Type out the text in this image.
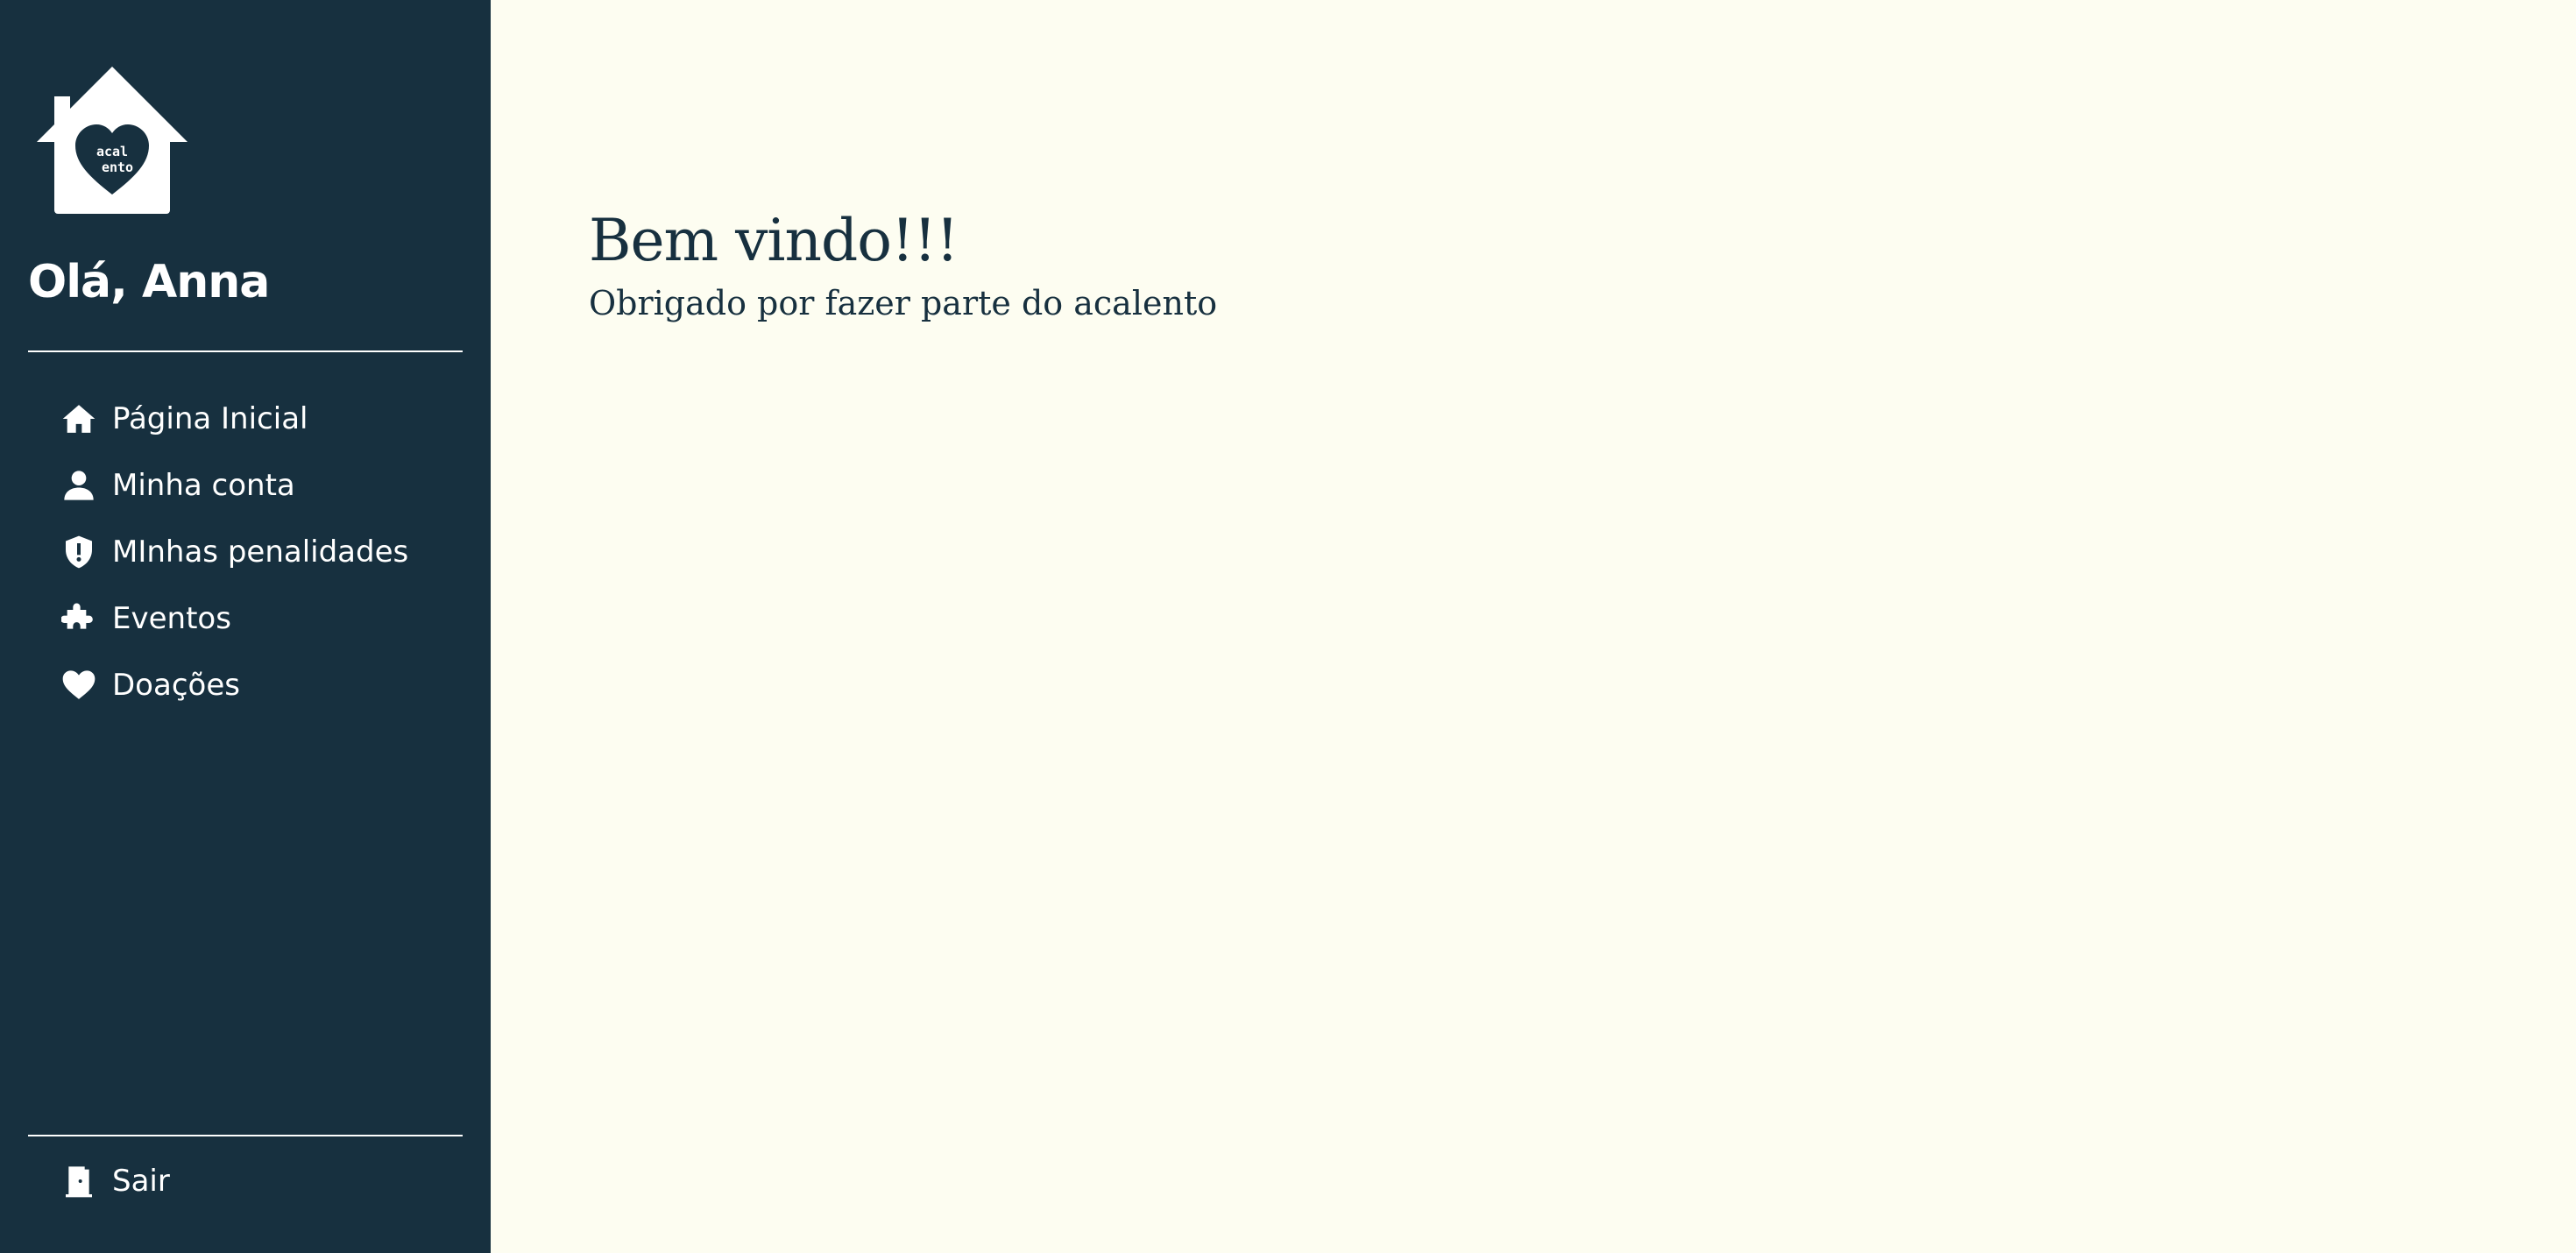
acal
ento
Olá, Anna
Página Inicial
Minha conta
MInhas penalidades
Eventos
Doações
Sair
Bem vindo!!!

Obrigado por fazer parte do acalento
